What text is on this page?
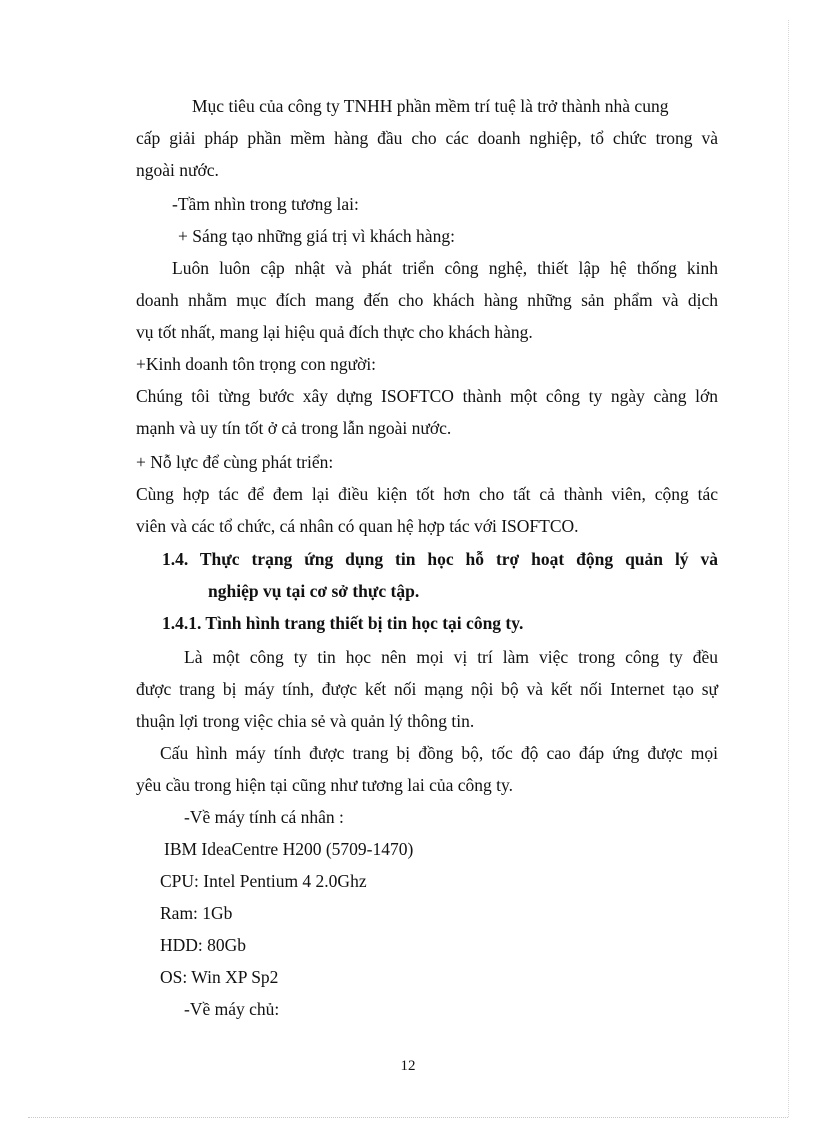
Mục tiêu của công ty TNHH phần mềm trí tuệ là trở thành nhà cung
cấp giải pháp phần mềm hàng đầu cho các doanh nghiệp, tổ chức trong và
ngoài nước.
-Tầm nhìn trong tương lai:
+ Sáng tạo những giá trị vì khách hàng:
Luôn luôn cập nhật và phát triển công nghệ, thiết lập hệ thống kinh
doanh nhằm mục đích mang đến cho khách hàng những sản phẩm và dịch
vụ tốt nhất, mang lại hiệu quả đích thực cho khách hàng.
+Kinh doanh tôn trọng con người:
Chúng tôi từng bước xây dựng ISOFTCO thành một công ty ngày càng lớn
mạnh và uy tín tốt ở cả trong lẫn ngoài nước.
+ Nỗ lực để cùng phát triển:
Cùng hợp tác để đem lại điều kiện tốt hơn cho tất cả thành viên, cộng tác
viên và các tổ chức, cá nhân có quan hệ hợp tác với ISOFTCO.
1.4. Thực trạng ứng dụng tin học hỗ trợ hoạt động quản lý và
nghiệp vụ tại cơ sở thực tập.
1.4.1. Tình hình trang thiết bị tin học tại công ty.
Là một công ty tin học nên mọi vị trí làm việc trong công ty đều
được trang bị máy tính, được kết nối mạng nội bộ và kết nối Internet tạo sự
thuận lợi trong việc chia sẻ và quản lý thông tin.
Cấu hình máy tính được trang bị đồng bộ, tốc độ cao đáp ứng được mọi
yêu cầu trong hiện tại cũng như tương lai của công ty.
-Về máy tính cá nhân :
IBM IdeaCentre H200 (5709-1470)
CPU: Intel Pentium 4 2.0Ghz
Ram: 1Gb
HDD: 80Gb
OS: Win XP Sp2
-Về máy chủ:
12
